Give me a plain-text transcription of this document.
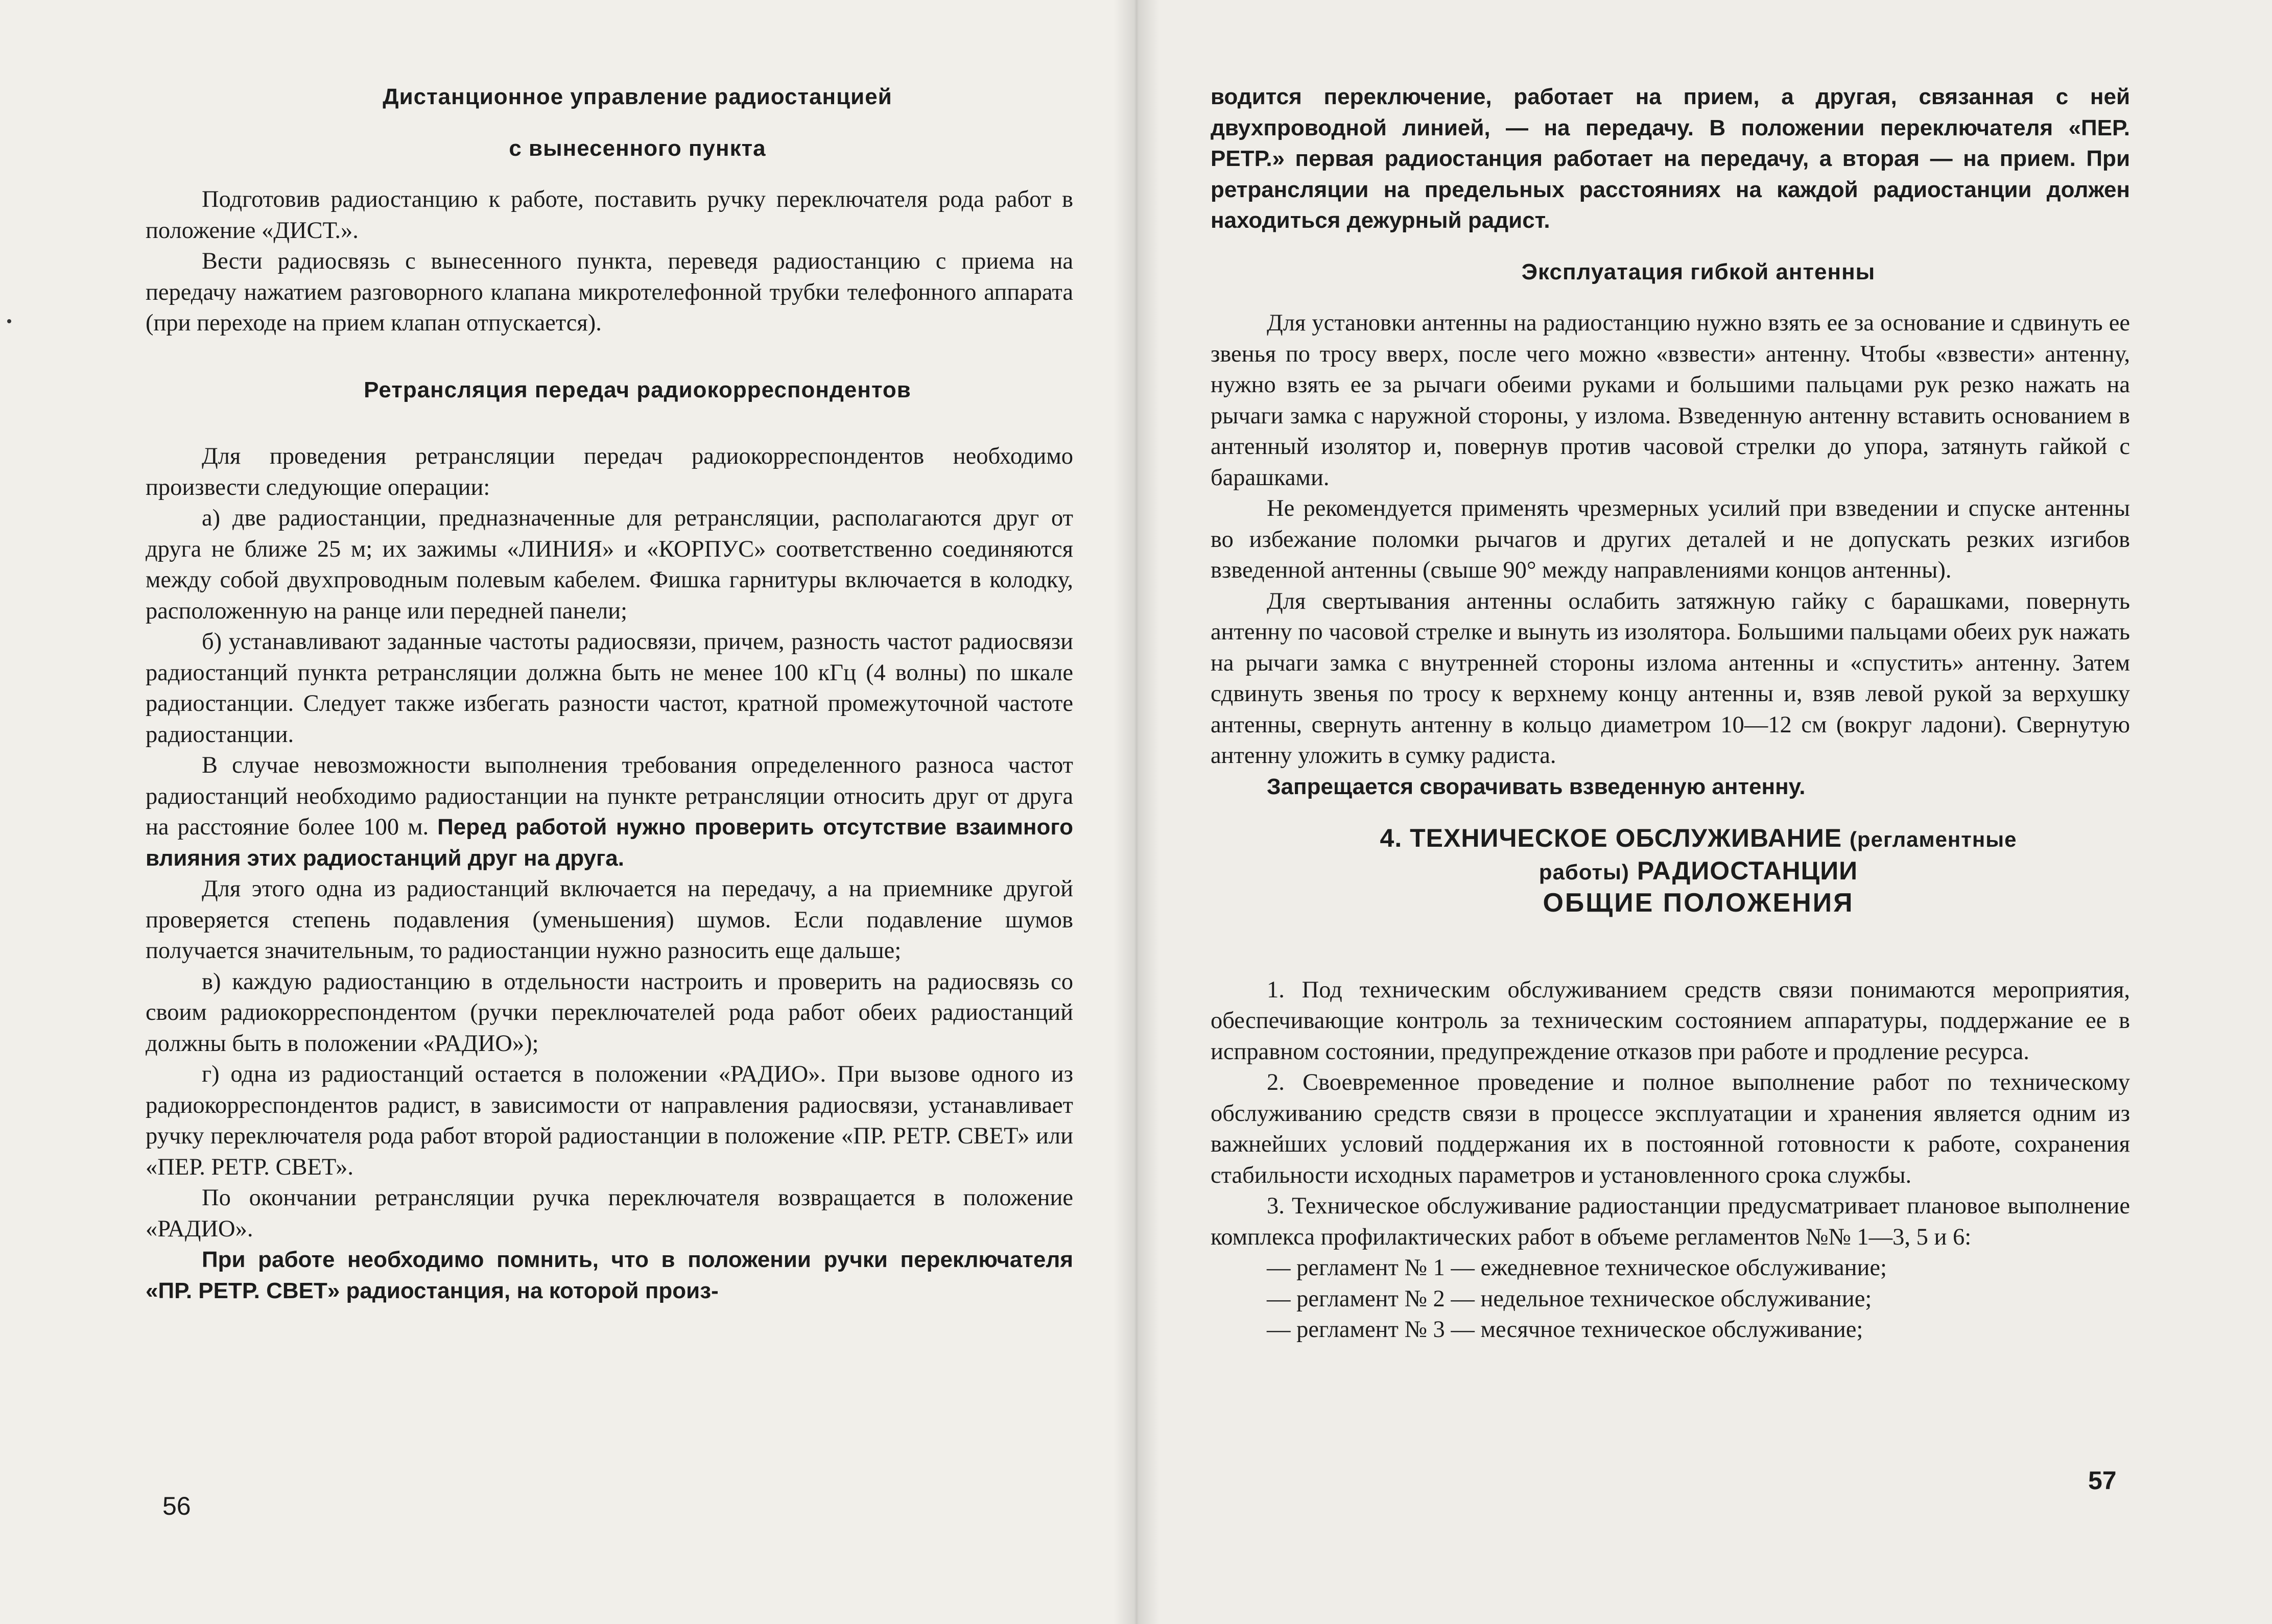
Дистанционное управление радиостанцией

с вынесенного пункта

Подготовив радиостанцию к работе, поставить ручку переключателя рода работ в положение «ДИСТ.».

Вести радиосвязь с вынесенного пункта, переведя радиостанцию с приема на передачу нажатием разговорного клапана микротелефонной трубки телефонного аппарата (при переходе на прием клапан отпускается).

Ретрансляция передач радиокорреспондентов

Для проведения ретрансляции передач радиокорреспондентов необходимо произвести следующие операции:

а) две радиостанции, предназначенные для ретрансляции, располагаются друг от друга не ближе 25 м; их зажимы «ЛИНИЯ» и «КОРПУС» соответственно соединяются между собой двухпроводным полевым кабелем. Фишка гарнитуры включается в колодку, расположенную на ранце или передней панели;

б) устанавливают заданные частоты радиосвязи, причем, разность частот радиосвязи радиостанций пункта ретрансляции должна быть не менее 100 кГц (4 волны) по шкале радиостанции. Следует также избегать разности частот, кратной промежуточной частоте радиостанции.

В случае невозможности выполнения требования определенного разноса частот радиостанций необходимо радиостанции на пункте ретрансляции относить друг от друга на расстояние более 100 м. Перед работой нужно проверить отсутствие взаимного влияния этих радиостанций друг на друга.

Для этого одна из радиостанций включается на передачу, а на приемнике другой проверяется степень подавления (уменьшения) шумов. Если подавление шумов получается значительным, то радиостанции нужно разносить еще дальше;

в) каждую радиостанцию в отдельности настроить и проверить на радиосвязь со своим радиокорреспондентом (ручки переключателей рода работ обеих радиостанций должны быть в положении «РАДИО»);

г) одна из радиостанций остается в положении «РАДИО». При вызове одного из радиокорреспондентов радист, в зависимости от направления радиосвязи, устанавливает ручку переключателя рода работ второй радиостанции в положение «ПР. РЕТР. СВЕТ» или «ПЕР. РЕТР. СВЕТ».

По окончании ретрансляции ручка переключателя возвращается в положение «РАДИО».

При работе необходимо помнить, что в положении ручки переключателя «ПР. РЕТР. СВЕТ» радиостанция, на которой произ-

56

водится переключение, работает на прием, а другая, связанная с ней двухпроводной линией, — на передачу. В положении переключателя «ПЕР. РЕТР.» первая радиостанция работает на передачу, а вторая — на прием. При ретрансляции на предельных расстояниях на каждой радиостанции должен находиться дежурный радист.

Эксплуатация гибкой антенны

Для установки антенны на радиостанцию нужно взять ее за основание и сдвинуть ее звенья по тросу вверх, после чего можно «взвести» антенну. Чтобы «взвести» антенну, нужно взять ее за рычаги обеими руками и большими пальцами рук резко нажать на рычаги замка с наружной стороны, у излома. Взведенную антенну вставить основанием в антенный изолятор и, повернув против часовой стрелки до упора, затянуть гайкой с барашками.

Не рекомендуется применять чрезмерных усилий при взведении и спуске антенны во избежание поломки рычагов и других деталей и не допускать резких изгибов взведенной антенны (свыше 90° между направлениями концов антенны).

Для свертывания антенны ослабить затяжную гайку с барашками, повернуть антенну по часовой стрелке и вынуть из изолятора. Большими пальцами обеих рук нажать на рычаги замка с внутренней стороны излома антенны и «спустить» антенну. Затем сдвинуть звенья по тросу к верхнему концу антенны и, взяв левой рукой за верхушку антенны, свернуть антенну в кольцо диаметром 10—12 см (вокруг ладони). Свернутую антенну уложить в сумку радиста.

Запрещается сворачивать взведенную антенну.

4. ТЕХНИЧЕСКОЕ ОБСЛУЖИВАНИЕ (регламентные

работы) РАДИОСТАНЦИИ

ОБЩИЕ ПОЛОЖЕНИЯ

1. Под техническим обслуживанием средств связи понимаются мероприятия, обеспечивающие контроль за техническим состоянием аппаратуры, поддержание ее в исправном состоянии, предупреждение отказов при работе и продление ресурса.

2. Своевременное проведение и полное выполнение работ по техническому обслуживанию средств связи в процессе эксплуатации и хранения является одним из важнейших условий поддержания их в постоянной готовности к работе, сохранения стабильности исходных параметров и установленного срока службы.

3. Техническое обслуживание радиостанции предусматривает плановое выполнение комплекса профилактических работ в объеме регламентов №№ 1—3, 5 и 6:

— регламент № 1 — ежедневное техническое обслуживание;

— регламент № 2 — недельное техническое обслуживание;

— регламент № 3 — месячное техническое обслуживание;

57
